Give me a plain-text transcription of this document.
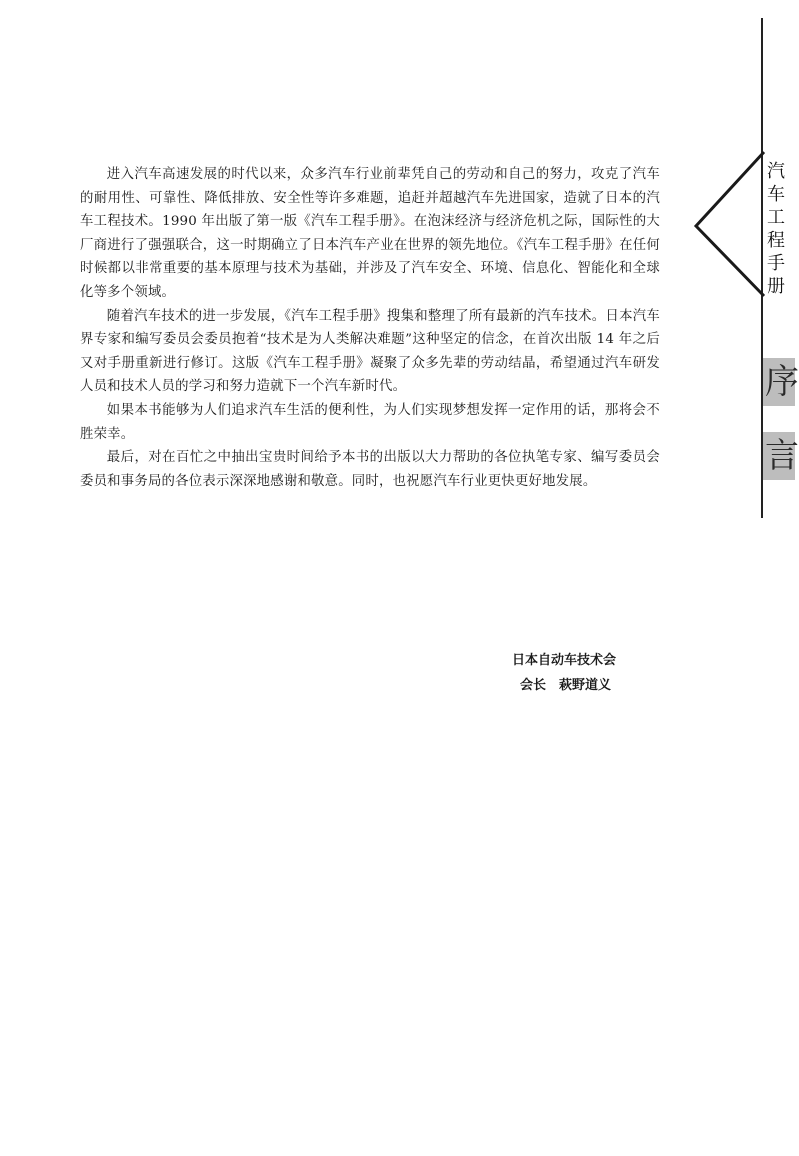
进入汽车高速发展的时代以来，众多汽车行业前辈凭自己的劳动和自己的努力，攻克了汽车的耐用性、可靠性、降低排放、安全性等许多难题，追赶并超越汽车先进国家，造就了日本的汽车工程技术。1990 年出版了第一版《汽车工程手册》。在泡沫经济与经济危机之际，国际性的大厂商进行了强强联合，这一时期确立了日本汽车产业在世界的领先地位。《汽车工程手册》在任何时候都以非常重要的基本原理与技术为基础，并涉及了汽车安全、环境、信息化、智能化和全球化等多个领域。

随着汽车技术的进一步发展，《汽车工程手册》搜集和整理了所有最新的汽车技术。日本汽车界专家和编写委员会委员抱着“技术是为人类解决难题”这种坚定的信念，在首次出版 14 年之后又对手册重新进行修订。这版《汽车工程手册》凝聚了众多先辈的劳动结晶，希望通过汽车研发人员和技术人员的学习和努力造就下一个汽车新时代。

如果本书能够为人们追求汽车生活的便利性，为人们实现梦想发挥一定作用的话，那将会不胜荣幸。

最后，对在百忙之中抽出宝贵时间给予本书的出版以大力帮助的各位执笔专家、编写委员会委员和事务局的各位表示深深地感谢和敬意。同时，也祝愿汽车行业更快更好地发展。

日本自动车技术会
会长　萩野道义
汽
车
工
程
手
册
序
言
